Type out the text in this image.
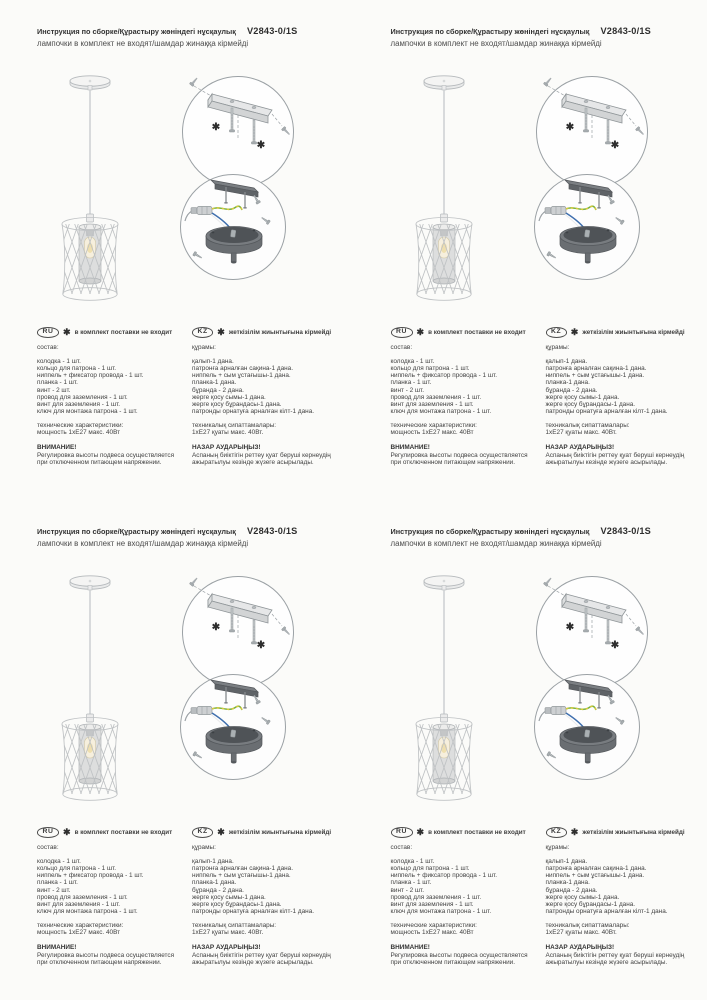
Инструкция по сборке/Құрастыру жөніндегі нұсқаулық V2843-0/1S
лампочки в комплект не входят/шамдар жинаққа кірмейді
✱
✱
RU	✱ в комплект поставки не входит	KZ	✱ жеткізілім жиынтығына кірмейді
состав:
колодка - 1 шт.
кольцо для патрона - 1 шт.
ниппель + фиксатор провода - 1 шт.
планка - 1 шт.
винт - 2 шт.
провод для заземления - 1 шт.
винт для заземления - 1 шт.
ключ для монтажа патрона - 1 шт.
технические характеристики:
мощность 1хЕ27 макс. 40Вт
ВНИМАНИЕ!
Регулировка высоты подвеса осуществляется
при отключенном питающем напряжении.
құрамы:
қалып-1 дана.
патронға арналған сақина-1 дана.
ниппель + сым ұстағышы-1 дана.
планка-1 дана.
бұранда - 2 дана.
жерге қосу сымы-1 дана.
жерге қосу бұрандасы-1 дана.
патронды орнатуға арналған кілт-1 дана.
техникалық сипаттамалары:
1хЕ27 қуаты макс. 40Вт.
НАЗАР АУДАРЫҢЫЗ!
Аспаның биіктігін реттеу қуат беруші кернеудің
ажыратылуы кезінде жүзеге асырылады.
Инструкция по сборке/Құрастыру жөніндегі нұсқаулық V2843-0/1S
лампочки в комплект не входят/шамдар жинаққа кірмейді
✱
✱
RU	✱ в комплект поставки не входит	KZ	✱ жеткізілім жиынтығына кірмейді
состав:
колодка - 1 шт.
кольцо для патрона - 1 шт.
ниппель + фиксатор провода - 1 шт.
планка - 1 шт.
винт - 2 шт.
провод для заземления - 1 шт.
винт для заземления - 1 шт.
ключ для монтажа патрона - 1 шт.
технические характеристики:
мощность 1хЕ27 макс. 40Вт
ВНИМАНИЕ!
Регулировка высоты подвеса осуществляется
при отключенном питающем напряжении.
құрамы:
қалып-1 дана.
патронға арналған сақина-1 дана.
ниппель + сым ұстағышы-1 дана.
планка-1 дана.
бұранда - 2 дана.
жерге қосу сымы-1 дана.
жерге қосу бұрандасы-1 дана.
патронды орнатуға арналған кілт-1 дана.
техникалық сипаттамалары:
1хЕ27 қуаты макс. 40Вт.
НАЗАР АУДАРЫҢЫЗ!
Аспаның биіктігін реттеу қуат беруші кернеудің
ажыратылуы кезінде жүзеге асырылады.
Инструкция по сборке/Құрастыру жөніндегі нұсқаулық V2843-0/1S
лампочки в комплект не входят/шамдар жинаққа кірмейді
✱
✱
RU	✱ в комплект поставки не входит	KZ	✱ жеткізілім жиынтығына кірмейді
состав:
колодка - 1 шт.
кольцо для патрона - 1 шт.
ниппель + фиксатор провода - 1 шт.
планка - 1 шт.
винт - 2 шт.
провод для заземления - 1 шт.
винт для заземления - 1 шт.
ключ для монтажа патрона - 1 шт.
технические характеристики:
мощность 1хЕ27 макс. 40Вт
ВНИМАНИЕ!
Регулировка высоты подвеса осуществляется
при отключенном питающем напряжении.
құрамы:
қалып-1 дана.
патронға арналған сақина-1 дана.
ниппель + сым ұстағышы-1 дана.
планка-1 дана.
бұранда - 2 дана.
жерге қосу сымы-1 дана.
жерге қосу бұрандасы-1 дана.
патронды орнатуға арналған кілт-1 дана.
техникалық сипаттамалары:
1хЕ27 қуаты макс. 40Вт.
НАЗАР АУДАРЫҢЫЗ!
Аспаның биіктігін реттеу қуат беруші кернеудің
ажыратылуы кезінде жүзеге асырылады.
Инструкция по сборке/Құрастыру жөніндегі нұсқаулық V2843-0/1S
лампочки в комплект не входят/шамдар жинаққа кірмейді
✱
✱
RU	✱ в комплект поставки не входит	KZ	✱ жеткізілім жиынтығына кірмейді
состав:
колодка - 1 шт.
кольцо для патрона - 1 шт.
ниппель + фиксатор провода - 1 шт.
планка - 1 шт.
винт - 2 шт.
провод для заземления - 1 шт.
винт для заземления - 1 шт.
ключ для монтажа патрона - 1 шт.
технические характеристики:
мощность 1хЕ27 макс. 40Вт
ВНИМАНИЕ!
Регулировка высоты подвеса осуществляется
при отключенном питающем напряжении.
құрамы:
қалып-1 дана.
патронға арналған сақина-1 дана.
ниппель + сым ұстағышы-1 дана.
планка-1 дана.
бұранда - 2 дана.
жерге қосу сымы-1 дана.
жерге қосу бұрандасы-1 дана.
патронды орнатуға арналған кілт-1 дана.
техникалық сипаттамалары:
1хЕ27 қуаты макс. 40Вт.
НАЗАР АУДАРЫҢЫЗ!
Аспаның биіктігін реттеу қуат беруші кернеудің
ажыратылуы кезінде жүзеге асырылады.
